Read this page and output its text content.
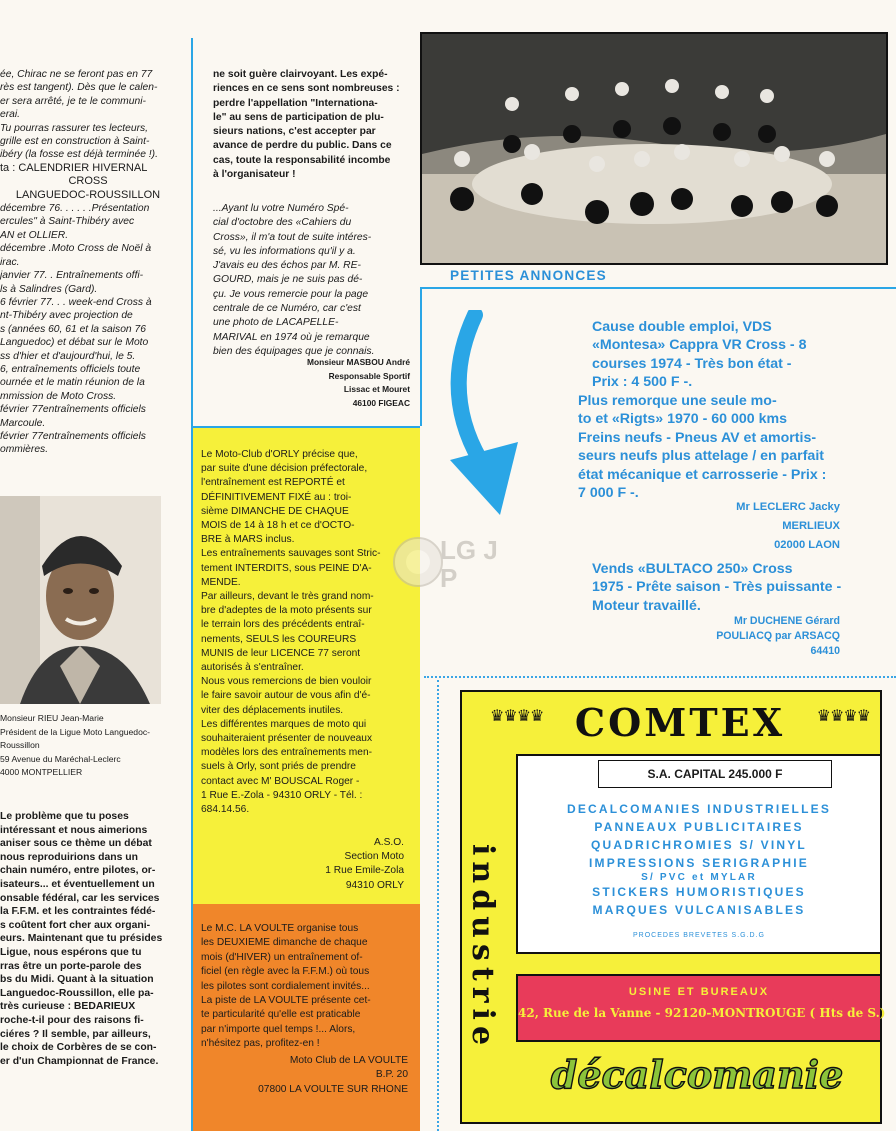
ée, Chirac ne se feront pas en 77

rès est tangent). Dès que le calen-

er sera arrêté, je te le communi-

erai.

Tu pourras rassurer tes lecteurs,

grille est en construction à Saint-

ibéry (la fosse est déjà terminée !).

ta : CALENDRIER HIVERNAL

CROSS

LANGUEDOC-ROUSSILLON

décembre 76. . . . . .Présentation

ercules" à Saint-Thibéry avec

AN et OLLIER.

décembre .Moto Cross de Noël à

irac.

janvier 77. . Entraînements offi-

ls à Salindres (Gard).

6 février 77. . . week-end Cross à

nt-Thibéry avec projection de

s (années 60, 61 et la saison 76

Languedoc) et débat sur le Moto

ss d'hier et d'aujourd'hui, le 5.

6, entraînements officiels toute

ournée et le matin réunion de la

mmission de Moto Cross.

février 77entraînements officiels

Marcoule.

février 77entraînements officiels

ommières.

Monsieur RIEU Jean-Marie
Président de la Ligue Moto Languedoc-
Roussillon
59 Avenue du Maréchal-Leclerc
4000 MONTPELLIER

Le problème que tu poses

intéressant et nous aimerions

aniser sous ce thème un débat

nous reproduirions dans un

chain numéro, entre pilotes, or-

isateurs... et éventuellement un

onsable fédéral, car les services

la F.F.M. et les contraintes fédé-

s coûtent fort cher aux organi-

eurs. Maintenant que tu présides

Ligue, nous espérons que tu

rras être un porte-parole des

bs du Midi. Quant à la situation

Languedoc-Roussillon, elle pa-

très curieuse : BEDARIEUX

roche-t-il pour des raisons fi-

ciéres ? Il semble, par ailleurs,

le choix de Corbères de se con-

er d'un Championnat de France.

ne soit guère clairvoyant. Les expé-
riences en ce sens sont nombreuses :
perdre l'appellation "Internationa-
le" au sens de participation de plu-
sieurs nations, c'est accepter par
avance de perdre du public. Dans ce
cas, toute la responsabilité incombe
à l'organisateur !
...Ayant lu votre Numéro Spé-
cial d'octobre des «Cahiers du
Cross», il m'a tout de suite intéres-
sé, vu les informations qu'il y a.
J'avais eu des échos par M. RE-
GOURD, mais je ne suis pas dé-
çu. Je vous remercie pour la page
centrale de ce Numéro, car c'est
une photo de LACAPELLE-
MARIVAL en 1974 où je remarque
bien des équipages que je connais.
Monsieur MASBOU André
Responsable Sportif
Lissac et Mouret
46100 FIGEAC
Le Moto-Club d'ORLY précise que,
par suite d'une décision préfectorale,
l'entraînement est REPORTÉ et
DÉFINITIVEMENT FIXÉ au : troi-
sième DIMANCHE DE CHAQUE
MOIS de 14 à 18 h et ce d'OCTO-
BRE à MARS inclus.
Les entraînements sauvages sont Stric-
tement INTERDITS, sous PEINE D'A-
MENDE.
Par ailleurs, devant le très grand nom-
bre d'adeptes de la moto présents sur
le terrain lors des précédents entraî-
nements, SEULS les COUREURS
MUNIS de leur LICENCE 77 seront
autorisés à s'entraîner.
Nous vous remercions de bien vouloir
le faire savoir autour de vous afin d'é-
viter des déplacements inutiles.
Les différentes marques de moto qui
souhaiteraient présenter de nouveaux
modèles lors des entraînements men-
suels à Orly, sont priés de prendre
contact avec M' BOUSCAL Roger -
1 Rue E.-Zola - 94310 ORLY - Tél. :
684.14.56.
A.S.O.
Section Moto
1 Rue Emile-Zola
94310 ORLY
Le M.C. LA VOULTE organise tous
les DEUXIEME dimanche de chaque
mois (d'HIVER) un entraînement of-
ficiel (en règle avec la F.F.M.) où tous
les pilotes sont cordialement invités...
La piste de LA VOULTE présente cet-
te particularité qu'elle est praticable
par n'importe quel temps !... Alors,
n'hésitez pas, profitez-en !
Moto Club de LA VOULTE
B.P. 20
07800 LA VOULTE SUR RHONE
PETITES ANNONCES

Cause double emploi, VDS

«Montesa» Cappra VR Cross - 8

courses 1974 - Très bon état -

Prix : 4 500 F -.

Plus remorque une seule mo-

to et «Rigts» 1970 - 60 000 kms

Freins neufs - Pneus AV et amortis-

seurs neufs plus attelage / en parfait

état mécanique et carrosserie - Prix :

7 000 F -.

Mr LECLERC Jacky

MERLIEUX

02000 LAON

Vends «BULTACO 250» Cross

1975 - Prête saison - Très puissante -

Moteur travaillé.

Mr DUCHENE Gérard

POULIACQ par ARSACQ

64410

LG JP
♛♛♛♛	♛♛♛♛
COMTEX
industrie
S.A. CAPITAL 245.000 F
DECALCOMANIES INDUSTRIELLES
PANNEAUX PUBLICITAIRES
QUADRICHROMIES S/ VINYL
IMPRESSIONS SERIGRAPHIE
S/ PVC et MYLAR
STICKERS HUMORISTIQUES
MARQUES VULCANISABLES
PROCEDES BREVETES S.G.D.G
USINE ET BUREAUX
42, Rue de la Vanne - 92120-MONTROUGE ( Hts de S.)
décalcomanie
